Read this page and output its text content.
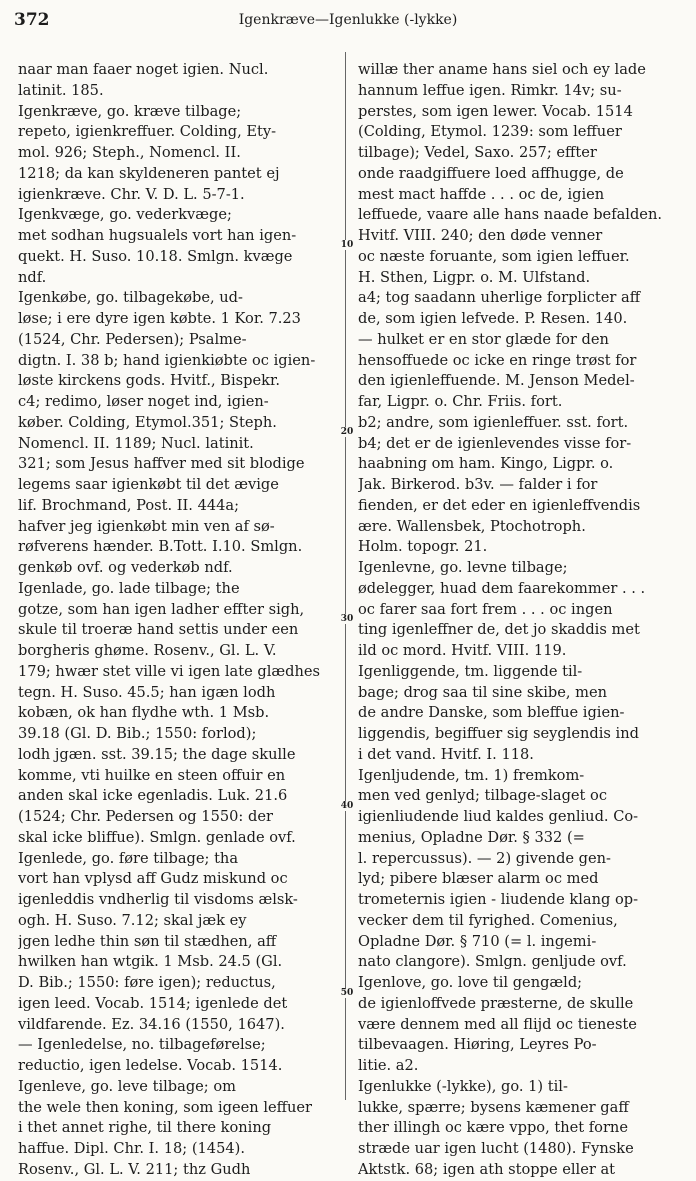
372	Igenkræve—Igenlukke (-lykke)
naar man faaer noget igien. Nucl.
latinit. 185.
Igenkræve, go. kræve tilbage;
repeto, igienkreffuer. Colding, Ety-
mol. 926; Steph., Nomencl. II.
1218; da kan skyldeneren pantet ej
igienkræve. Chr. V. D. L. 5-7-1.
Igenkvæge, go. vederkvæge;
met sodhan hugsualels vort han igen-
quekt. H. Suso. 10.18. Smlgn. kvæge
ndf.
Igenkøbe, go. tilbagekøbe, ud-
løse; i ere dyre igen købte. 1 Kor. 7.23
(1524, Chr. Pedersen); Psalme-
digtn. I. 38 b; hand igienkiøbte oc igien-
løste kirckens gods. Hvitf., Bispekr.
c4; redimo, løser noget ind, igien-
køber. Colding, Etymol.351; Steph.
Nomencl. II. 1189; Nucl. latinit.
321; som Jesus haffver med sit blodige
legems saar igienkøbt til det ævige
lif. Brochmand, Post. II. 444a;
hafver jeg igienkøbt min ven af sø-
røfverens hænder. B.Tott. I.10. Smlgn.
genkøb ovf. og vederkøb ndf.
Igenlade, go. lade tilbage; the
gotze, som han igen ladher effter sigh,
skule til troeræ hand settis under een
borgheris ghøme. Rosenv., Gl. L. V.
179; hwær stet ville vi igen late glædhes
tegn. H. Suso. 45.5; han igæn lodh
kobæn, ok han flydhe wth. 1 Msb.
39.18 (Gl. D. Bib.; 1550: forlod);
lodh jgæn. sst. 39.15; the dage skulle
komme, vti huilke en steen offuir en
anden skal icke egenladis. Luk. 21.6
(1524; Chr. Pedersen og 1550: der
skal icke bliffue). Smlgn. genlade ovf.
Igenlede, go. føre tilbage; tha
vort han vplysd aff Gudz miskund oc
igenleddis vndherlig til visdoms ælsk-
ogh. H. Suso. 7.12; skal jæk ey
jgen ledhe thin søn til stædhen, aff
hwilken han wtgik. 1 Msb. 24.5 (Gl.
D. Bib.; 1550: føre igen); reductus,
igen leed. Vocab. 1514; igenlede det
vildfarende. Ez. 34.16 (1550, 1647).
— Igenledelse, no. tilbageførelse;
reductio, igen ledelse. Vocab. 1514.
Igenleve, go. leve tilbage; om
the wele then koning, som igeen leffuer
i thet annet righe, til there koning
haffue. Dipl. Chr. I. 18; (1454).
Rosenv., Gl. L. V. 211; thz Gudh
willæ ther aname hans siel och ey lade
hannum leffue igen. Rimkr. 14v; su-
perstes, som igen lewer. Vocab. 1514
(Colding, Etymol. 1239: som leffuer
tilbage); Vedel, Saxo. 257; effter
onde raadgiffuere loed affhugge, de
mest mact haffde . . . oc de, igien
leffuede, vaare alle hans naade befalden.
Hvitf. VIII. 240; den døde venner
oc næste foruante, som igien leffuer.
H. Sthen, Ligpr. o. M. Ulfstand.
a4; tog saadann uherlige forplicter aff
de, som igien lefvede. P. Resen. 140.
— hulket er en stor glæde for den
hensoffuede oc icke en ringe trøst for
den igienleffuende. M. Jenson Medel-
far, Ligpr. o. Chr. Friis. fort.
b2; andre, som igienleffuer. sst. fort.
b4; det er de igienlevendes visse for-
haabning om ham. Kingo, Ligpr. o.
Jak. Birkerod. b3v. — falder i for
fienden, er det eder en igienleffvendis
ære. Wallensbek, Ptochotroph.
Holm. topogr. 21.
Igenlevne, go. levne tilbage;
ødelegger, huad dem faarekommer . . .
oc farer saa fort frem . . . oc ingen
ting igenleffner de, det jo skaddis met
ild oc mord. Hvitf. VIII. 119.
Igenliggende, tm. liggende til-
bage; drog saa til sine skibe, men
de andre Danske, som bleffue igien-
liggendis, begiffuer sig seyglendis ind
i det vand. Hvitf. I. 118.
Igenljudende, tm. 1) fremkom-
men ved genlyd; tilbage-slaget oc
igienliudende liud kaldes genliud. Co-
menius, Opladne Dør. § 332 (=
l. repercussus). — 2) givende gen-
lyd; pibere blæser alarm oc med
trometernis igien - liudende klang op-
vecker dem til fyrighed. Comenius,
Opladne Dør. § 710 (= l. ingemi-
nato clangore). Smlgn. genljude ovf.
Igenlove, go. love til gengæld;
de igienloffvede præsterne, de skulle
være dennem med all flijd oc tieneste
tilbevaagen. Hiøring, Leyres Po-
litie. a2.
Igenlukke (-lykke), go. 1) til-
lukke, spærre; bysens kæmener gaff
ther illingh oc kære vppo, thet forne
stræde uar igen lucht (1480). Fynske
Aktstk. 68; igen ath stoppe eller at
10
20
30
40
50
